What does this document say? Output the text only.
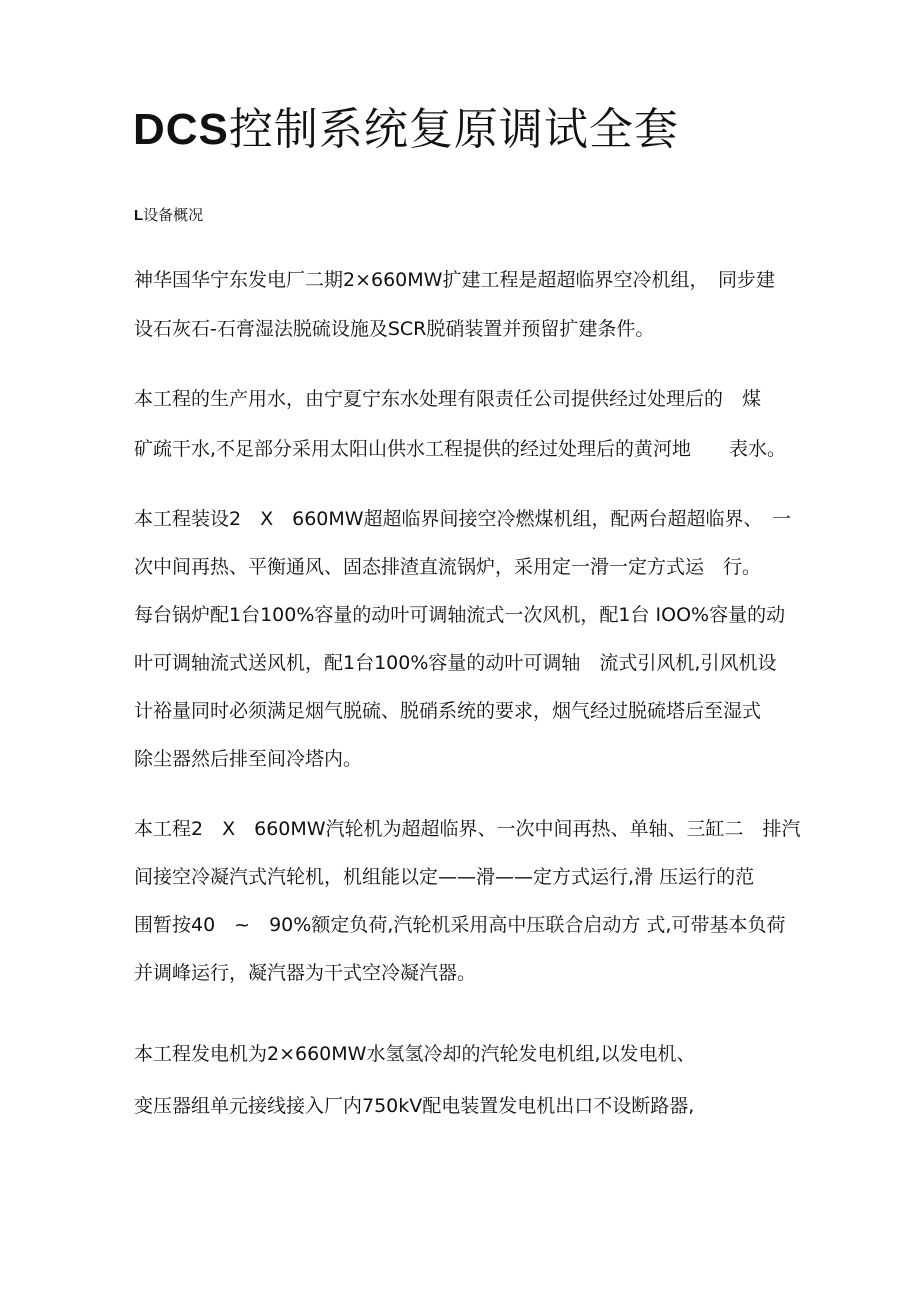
DCS控制系统复原调试全套
L设备概况
神华国华宁东发电厂二期2×660MW扩建工程是超超临界空冷机组，　同步建
设石灰石-石膏湿法脱硫设施及SCR脱硝装置并预留扩建条件。
本工程的生产用水，由宁夏宁东水处理有限责任公司提供经过处理后的　煤
矿疏干水,不足部分采用太阳山供水工程提供的经过处理后的黄河地　　表水。
本工程装设2　X　660MW超超临界间接空冷燃煤机组，配两台超超临界、　一
次中间再热、平衡通风、固态排渣直流锅炉，采用定一滑一定方式运　行。
每台锅炉配1台100%容量的动叶可调轴流式一次风机，配1台 IOO%容量的动
叶可调轴流式送风机，配1台100%容量的动叶可调轴　流式引风机,引风机设
计裕量同时必须满足烟气脱硫、脱硝系统的要求，烟气经过脱硫塔后至湿式
除尘器然后排至间冷塔内。
本工程2　X　660MW汽轮机为超超临界、一次中间再热、单轴、三缸二　排汽
间接空冷凝汽式汽轮机，机组能以定——滑——定方式运行,滑 压运行的范
围暂按40　~　90%额定负荷,汽轮机采用高中压联合启动方 式,可带基本负荷
并调峰运行，凝汽器为干式空冷凝汽器。
本工程发电机为2×660MW水氢氢冷却的汽轮发电机组,以发电机、
变压器组单元接线接入厂内750kV配电装置发电机出口不设断路器,
